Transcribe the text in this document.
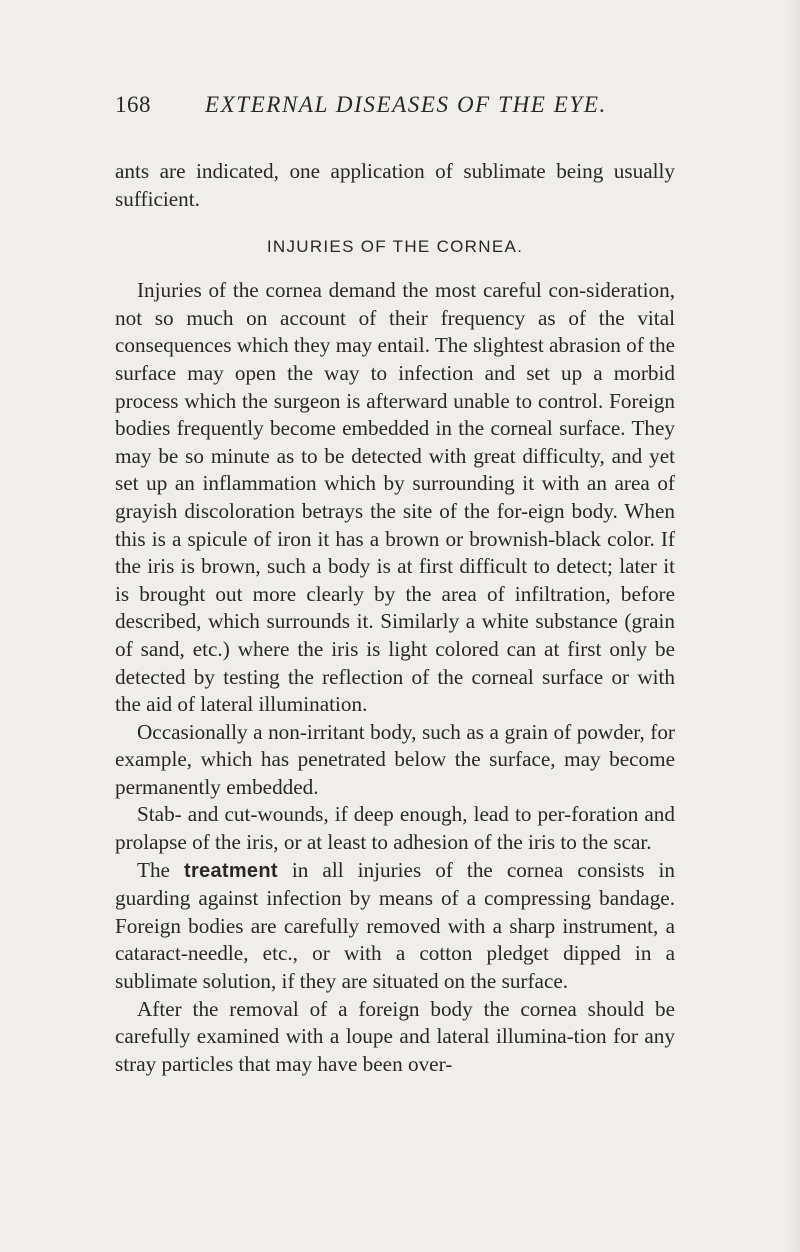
168 EXTERNAL DISEASES OF THE EYE.

ants are indicated, one application of sublimate being usually sufficient.

INJURIES OF THE CORNEA.

Injuries of the cornea demand the most careful con-sideration, not so much on account of their frequency as of the vital consequences which they may entail. The slightest abrasion of the surface may open the way to infection and set up a morbid process which the surgeon is afterward unable to control. Foreign bodies frequently become embedded in the corneal surface. They may be so minute as to be detected with great difficulty, and yet set up an inflammation which by surrounding it with an area of grayish discoloration betrays the site of the for-eign body. When this is a spicule of iron it has a brown or brownish-black color. If the iris is brown, such a body is at first difficult to detect; later it is brought out more clearly by the area of infiltration, before described, which surrounds it. Similarly a white substance (grain of sand, etc.) where the iris is light colored can at first only be detected by testing the reflection of the corneal surface or with the aid of lateral illumination.

Occasionally a non-irritant body, such as a grain of powder, for example, which has penetrated below the surface, may become permanently embedded.

Stab- and cut-wounds, if deep enough, lead to per-foration and prolapse of the iris, or at least to adhesion of the iris to the scar.

The treatment in all injuries of the cornea consists in guarding against infection by means of a compressing bandage. Foreign bodies are carefully removed with a sharp instrument, a cataract-needle, etc., or with a cotton pledget dipped in a sublimate solution, if they are situated on the surface.

After the removal of a foreign body the cornea should be carefully examined with a loupe and lateral illumina-tion for any stray particles that may have been over-
